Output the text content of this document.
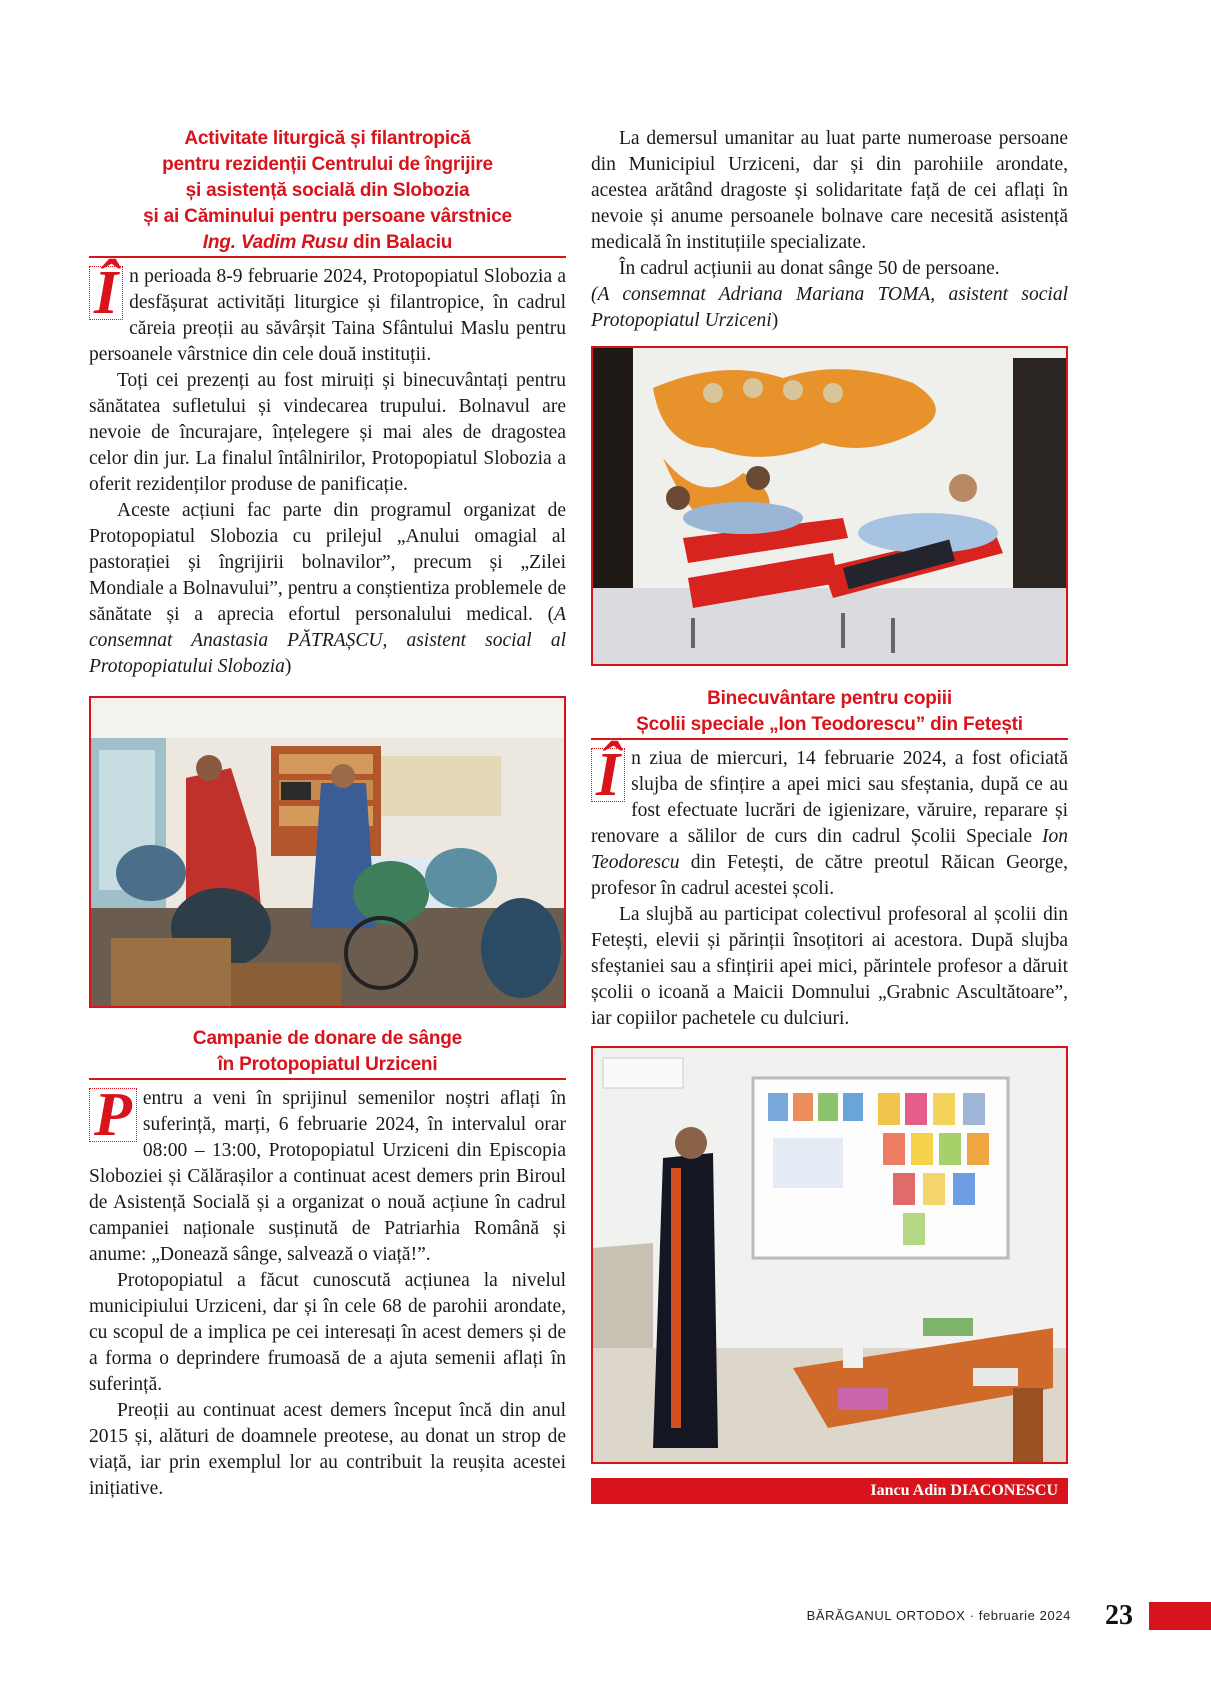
Activitate liturgică și filantropică

pentru rezidenții Centrului de îngrijire

și asistență socială din Slobozia

și ai Căminului pentru persoane vârstnice

Ing. Vadim Rusu din Balaciu

Î n perioada 8-9 februarie 2024, Protopopiatul Slobozia a desfășurat activități liturgice și filantropice, în cadrul căreia preoții au săvârșit Taina Sfântului Maslu pentru persoanele vârstnice din cele două instituții.

Toți cei prezenți au fost miruiți și binecuvântați pentru sănătatea sufletului și vindecarea trupului. Bolnavul are nevoie de încurajare, înțelegere și mai ales de dragostea celor din jur. La finalul întâlnirilor, Protopopiatul Slobozia a oferit rezidenților produse de panificație.

Aceste acțiuni fac parte din programul organizat de Protopopiatul Slobozia cu prilejul „Anului omagial al pastorației și îngrijirii bolnavilor”, precum și „Zilei Mondiale a Bolnavului”, pentru a conștientiza problemele de sănătate și a aprecia efortul personalului medical. (A consemnat Anastasia PĂTRAȘCU, asistent social al Protopopiatului Slobozia)

Campanie de donare de sânge

în Protopopiatul Urziceni

P entru a veni în sprijinul semenilor noștri aflați în suferință, marți, 6 februarie 2024, în intervalul orar 08:00 – 13:00, Protopopiatul Urziceni din Episcopia Sloboziei și Călărașilor a continuat acest demers prin Biroul de Asistență Socială și a organizat o nouă acțiune în cadrul campaniei naționale susținută de Patriarhia Română și anume: „Donează sânge, salvează o viață!”.

Protopopiatul a făcut cunoscută acțiunea la nivelul municipiului Urziceni, dar și în cele 68 de parohii arondate, cu scopul de a implica pe cei interesați în acest demers și de a forma o deprindere frumoasă de a ajuta semenii aflați în suferință.

Preoții au continuat acest demers început încă din anul 2015 și, alături de doamnele preotese, au donat un strop de viață, iar prin exemplul lor au contribuit la reușita acestei inițiative.

La demersul umanitar au luat parte numeroase persoane din Municipiul Urziceni, dar și din parohiile arondate, acestea arătând dragoste și solidaritate față de cei aflați în nevoie și anume persoanele bolnave care necesită asistență medicală în instituțiile specializate.

În cadrul acțiunii au donat sânge 50 de persoane.

(A consemnat Adriana Mariana TOMA, asistent social Protopopiatul Urziceni)

Binecuvântare pentru copiii

Școlii speciale „Ion Teodorescu” din Fetești

Î n ziua de miercuri, 14 februarie 2024, a fost oficiată slujba de sfințire a apei mici sau sfeștania, după ce au fost efectuate lucrări de igienizare, văruire, reparare și renovare a sălilor de curs din cadrul Școlii Speciale Ion Teodorescu din Fetești, de către preotul Răican George, profesor în cadrul acestei școli.

La slujbă au participat colectivul profesoral al școlii din Fetești, elevii și părinții însoțitori ai acestora. După slujba sfeștaniei sau a sfințirii apei mici, părintele profesor a dăruit școlii o icoană a Maicii Domnului „Grabnic Ascultătoare”, iar copiilor pachetele cu dulciuri.

Iancu Adin DIACONESCU
BĂRĂGANUL ORTODOX · februarie 2024 23
